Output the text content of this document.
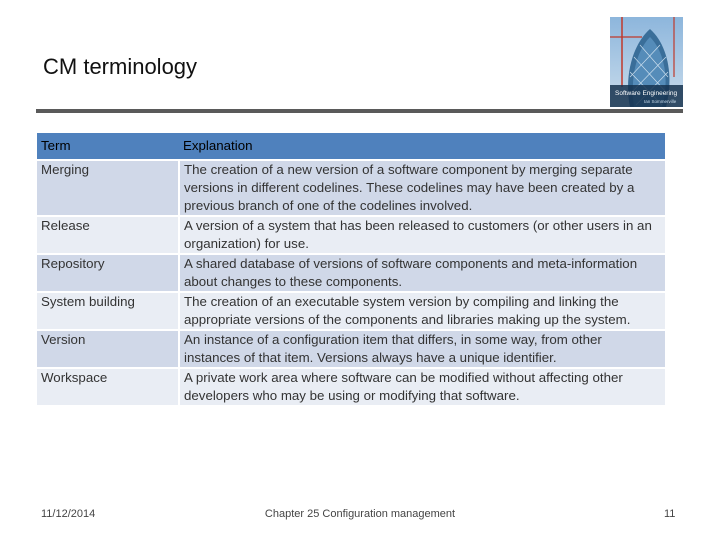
CM terminology
Software Engineering
Ian Sommerville
Term	Explanation
Merging	The creation of a new version of a software component by merging separate versions in different codelines. These codelines may have been created by a previous branch of one of the codelines involved.
Release	A version of a system that has been released to customers (or other users in an organization) for use.
Repository	A shared database of versions of software components and meta-information about changes to these components.
System building	The creation of an executable system version by compiling and linking the appropriate versions of the components and libraries making up the system.
Version	An instance of a configuration item that differs, in some way, from other instances of that item. Versions always have a unique identifier.
Workspace	A private work area where software can be modified without affecting other developers who may be using or modifying that software.
11/12/2014	Chapter 25 Configuration management	11
